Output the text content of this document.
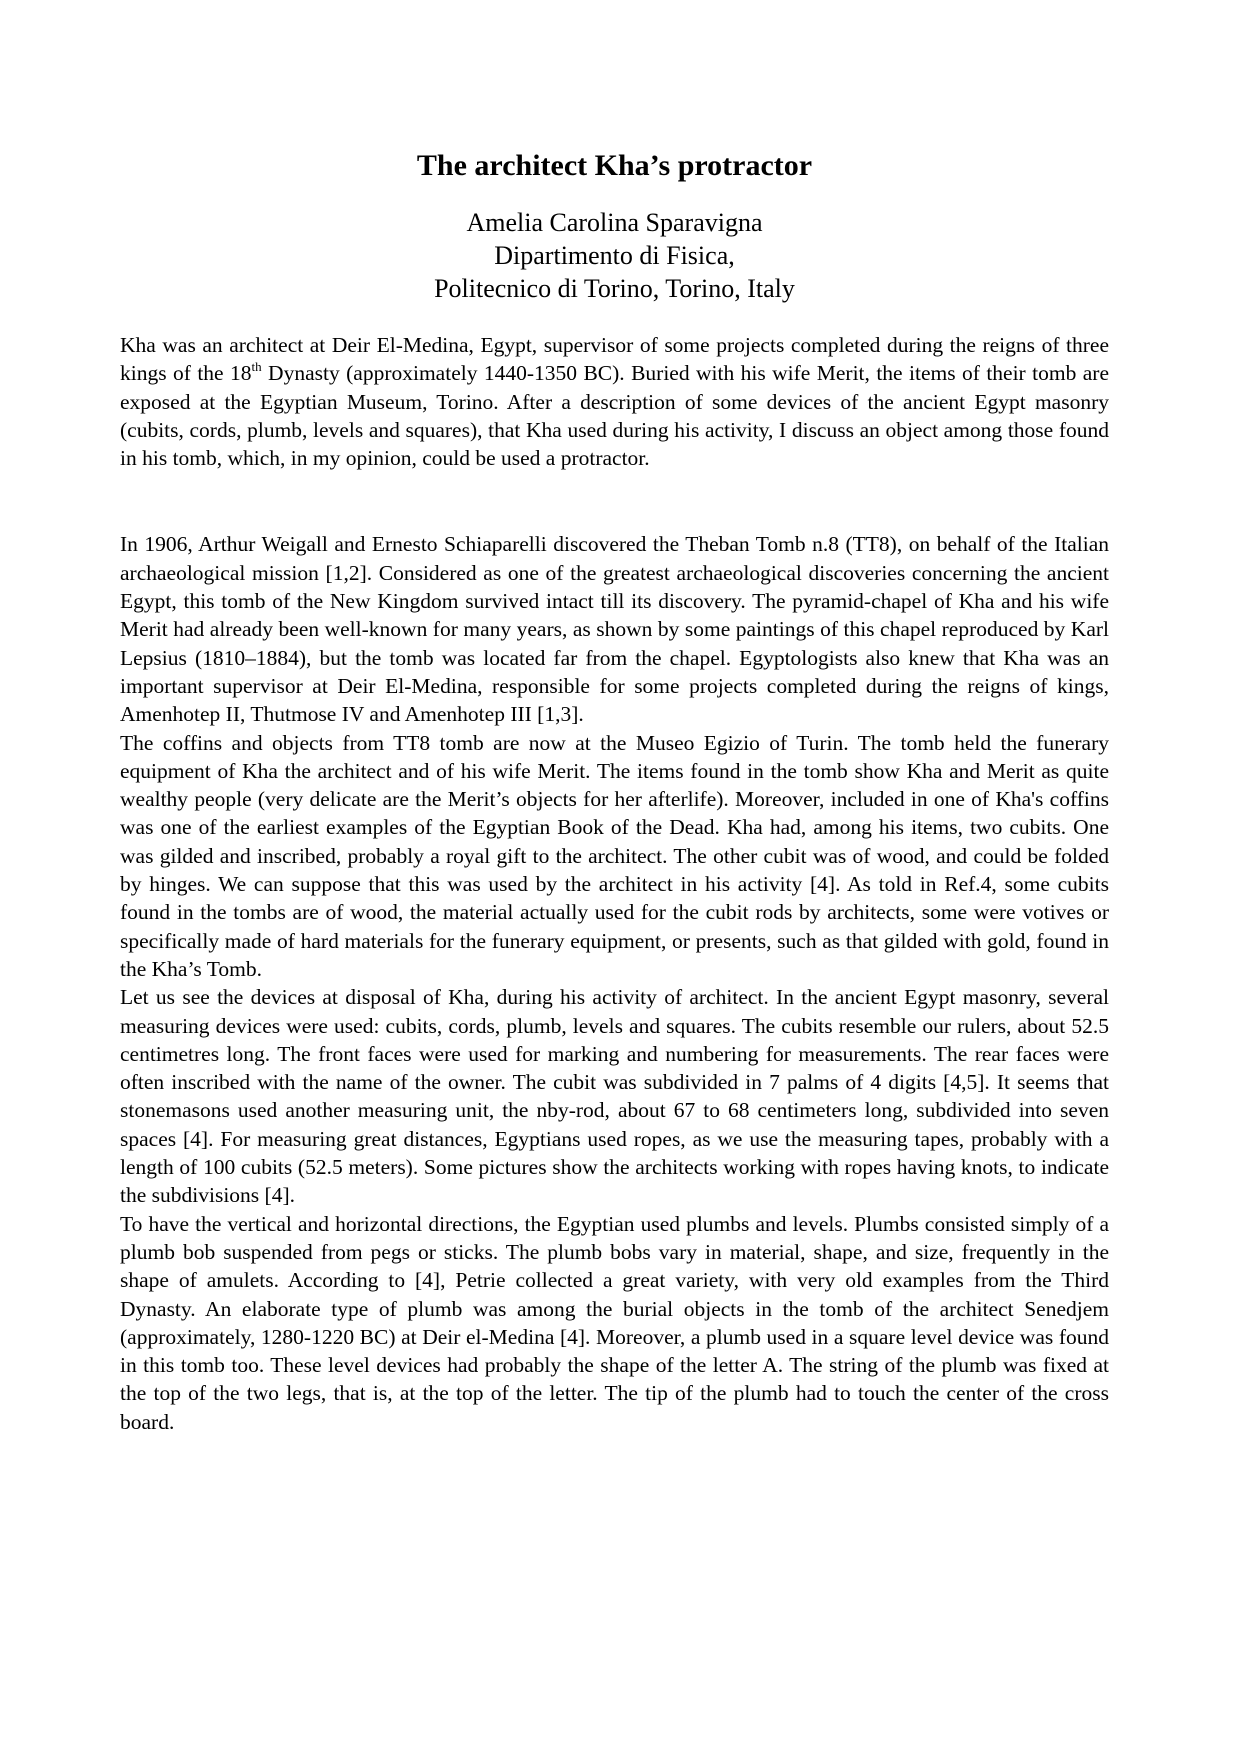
The architect Kha’s protractor
Amelia Carolina Sparavigna
Dipartimento di Fisica,
Politecnico di Torino, Torino, Italy

Kha was an architect at Deir El-Medina, Egypt, supervisor of some projects completed during the reigns of three kings of the 18th Dynasty (approximately 1440-1350 BC). Buried with his wife Merit, the items of their tomb are exposed at the Egyptian Museum, Torino. After a description of some devices of the ancient Egypt masonry (cubits, cords, plumb, levels and squares), that Kha used during his activity, I discuss an object among those found in his tomb, which, in my opinion, could be used a protractor.

In 1906, Arthur Weigall and Ernesto Schiaparelli discovered the Theban Tomb n.8 (TT8), on behalf of the Italian archaeological mission [1,2]. Considered as one of the greatest archaeological discoveries concerning the ancient Egypt, this tomb of the New Kingdom survived intact till its discovery. The pyramid-chapel of Kha and his wife Merit had already been well-known for many years, as shown by some paintings of this chapel reproduced by Karl Lepsius (1810–1884), but the tomb was located far from the chapel. Egyptologists also knew that Kha was an important supervisor at Deir El-Medina, responsible for some projects completed during the reigns of kings, Amenhotep II, Thutmose IV and Amenhotep III [1,3].

The coffins and objects from TT8 tomb are now at the Museo Egizio of Turin. The tomb held the funerary equipment of Kha the architect and of his wife Merit. The items found in the tomb show Kha and Merit as quite wealthy people (very delicate are the Merit’s objects for her afterlife). Moreover, included in one of Kha's coffins was one of the earliest examples of the Egyptian Book of the Dead. Kha had, among his items, two cubits. One was gilded and inscribed, probably a royal gift to the architect. The other cubit was of wood, and could be folded by hinges. We can suppose that this was used by the architect in his activity [4]. As told in Ref.4, some cubits found in the tombs are of wood, the material actually used for the cubit rods by architects, some were votives or specifically made of hard materials for the funerary equipment, or presents, such as that gilded with gold, found in the Kha’s Tomb.

Let us see the devices at disposal of Kha, during his activity of architect. In the ancient Egypt masonry, several measuring devices were used: cubits, cords, plumb, levels and squares. The cubits resemble our rulers, about 52.5 centimetres long. The front faces were used for marking and numbering for measurements. The rear faces were often inscribed with the name of the owner. The cubit was subdivided in 7 palms of 4 digits [4,5]. It seems that stonemasons used another measuring unit, the nby-rod, about 67 to 68 centimeters long, subdivided into seven spaces [4]. For measuring great distances, Egyptians used ropes, as we use the measuring tapes, probably with a length of 100 cubits (52.5 meters). Some pictures show the architects working with ropes having knots, to indicate the subdivisions [4].

To have the vertical and horizontal directions, the Egyptian used plumbs and levels. Plumbs consisted simply of a plumb bob suspended from pegs or sticks. The plumb bobs vary in material, shape, and size, frequently in the shape of amulets. According to [4], Petrie collected a great variety, with very old examples from the Third Dynasty. An elaborate type of plumb was among the burial objects in the tomb of the architect Senedjem (approximately, 1280-1220 BC) at Deir el-Medina [4]. Moreover, a plumb used in a square level device was found in this tomb too. These level devices had probably the shape of the letter A. The string of the plumb was fixed at the top of the two legs, that is, at the top of the letter. The tip of the plumb had to touch the center of the cross board.
